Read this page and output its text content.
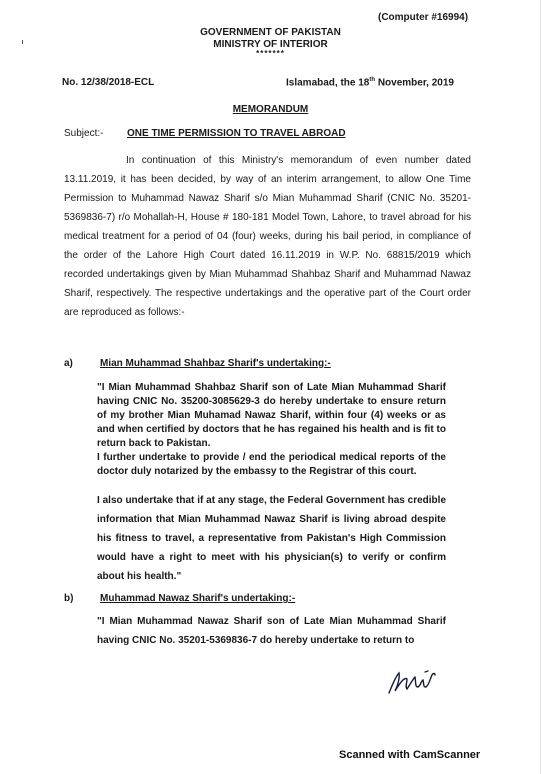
(Computer #16994)
GOVERNMENT OF PAKISTAN
MINISTRY OF INTERIOR
*******
No. 12/38/2018-ECL	Islamabad, the 18th November, 2019
MEMORANDUM
Subject:- ONE TIME PERMISSION TO TRAVEL ABROAD
In continuation of this Ministry's memorandum of even number dated 13.11.2019, it has been decided, by way of an interim arrangement, to allow One Time Permission to Muhammad Nawaz Sharif s/o Mian Muhammad Sharif (CNIC No. 35201-5369836-7) r/o Mohallah-H, House # 180-181 Model Town, Lahore, to travel abroad for his medical treatment for a period of 04 (four) weeks, during his bail period, in compliance of the order of the Lahore High Court dated 16.11.2019 in W.P. No. 68815/2019 which recorded undertakings given by Mian Muhammad Shahbaz Sharif and Muhammad Nawaz Sharif, respectively. The respective undertakings and the operative part of the Court order are reproduced as follows:-
a)	Mian Muhammad Shahbaz Sharif's undertaking:-
"I Mian Muhammad Shahbaz Sharif son of Late Mian Muhammad Sharif having CNIC No. 35200-3085629-3 do hereby undertake to ensure return of my brother Mian Muhamad Nawaz Sharif, within four (4) weeks or as and when certified by doctors that he has regained his health and is fit to return back to Pakistan.
I further undertake to provide / end the periodical medical reports of the doctor duly notarized by the embassy to the Registrar of this court.
I also undertake that if at any stage, the Federal Government has credible information that Mian Muhammad Nawaz Sharif is living abroad despite his fitness to travel, a representative from Pakistan's High Commission would have a right to meet with his physician(s) to verify or confirm about his health."
b)	Muhammad Nawaz Sharif's undertaking:-
"I Mian Muhammad Nawaz Sharif son of Late Mian Muhammad Sharif having CNIC No. 35201-5369836-7 do hereby undertake to return to
Scanned with CamScanner
